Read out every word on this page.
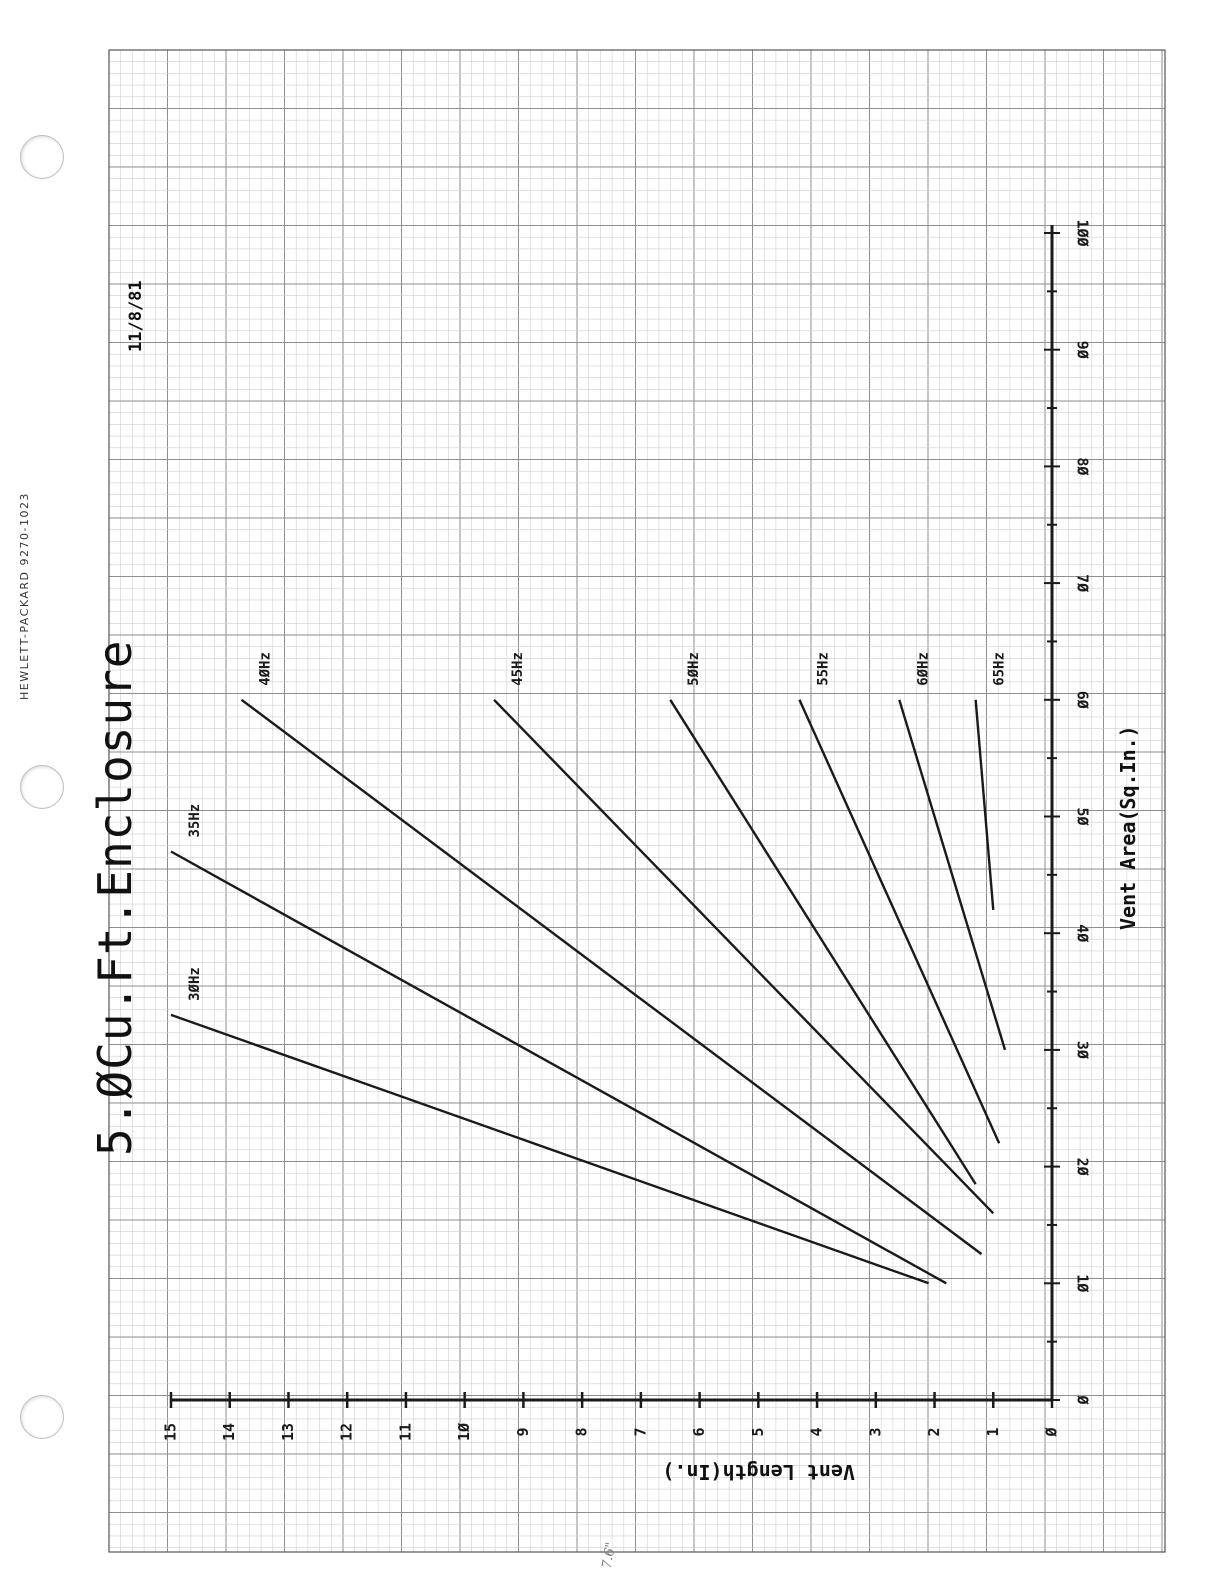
Ø
1Ø
2Ø
3Ø
4Ø
5Ø
6Ø
7Ø
8Ø
9Ø
1ØØ
Ø
1
2
3
4
5
6
7
8
9
1Ø
11
12
13
14
15
3ØHz
35Hz
4ØHz	45Hz	5ØHz	55Hz	6ØHz	65Hz
HEWLETT-PACKARD 9270-1023
5.ØCu.Ft.Enclosure
11/8/81
Vent Area(Sq.In.)
Vent Length(In.)
7.6"
